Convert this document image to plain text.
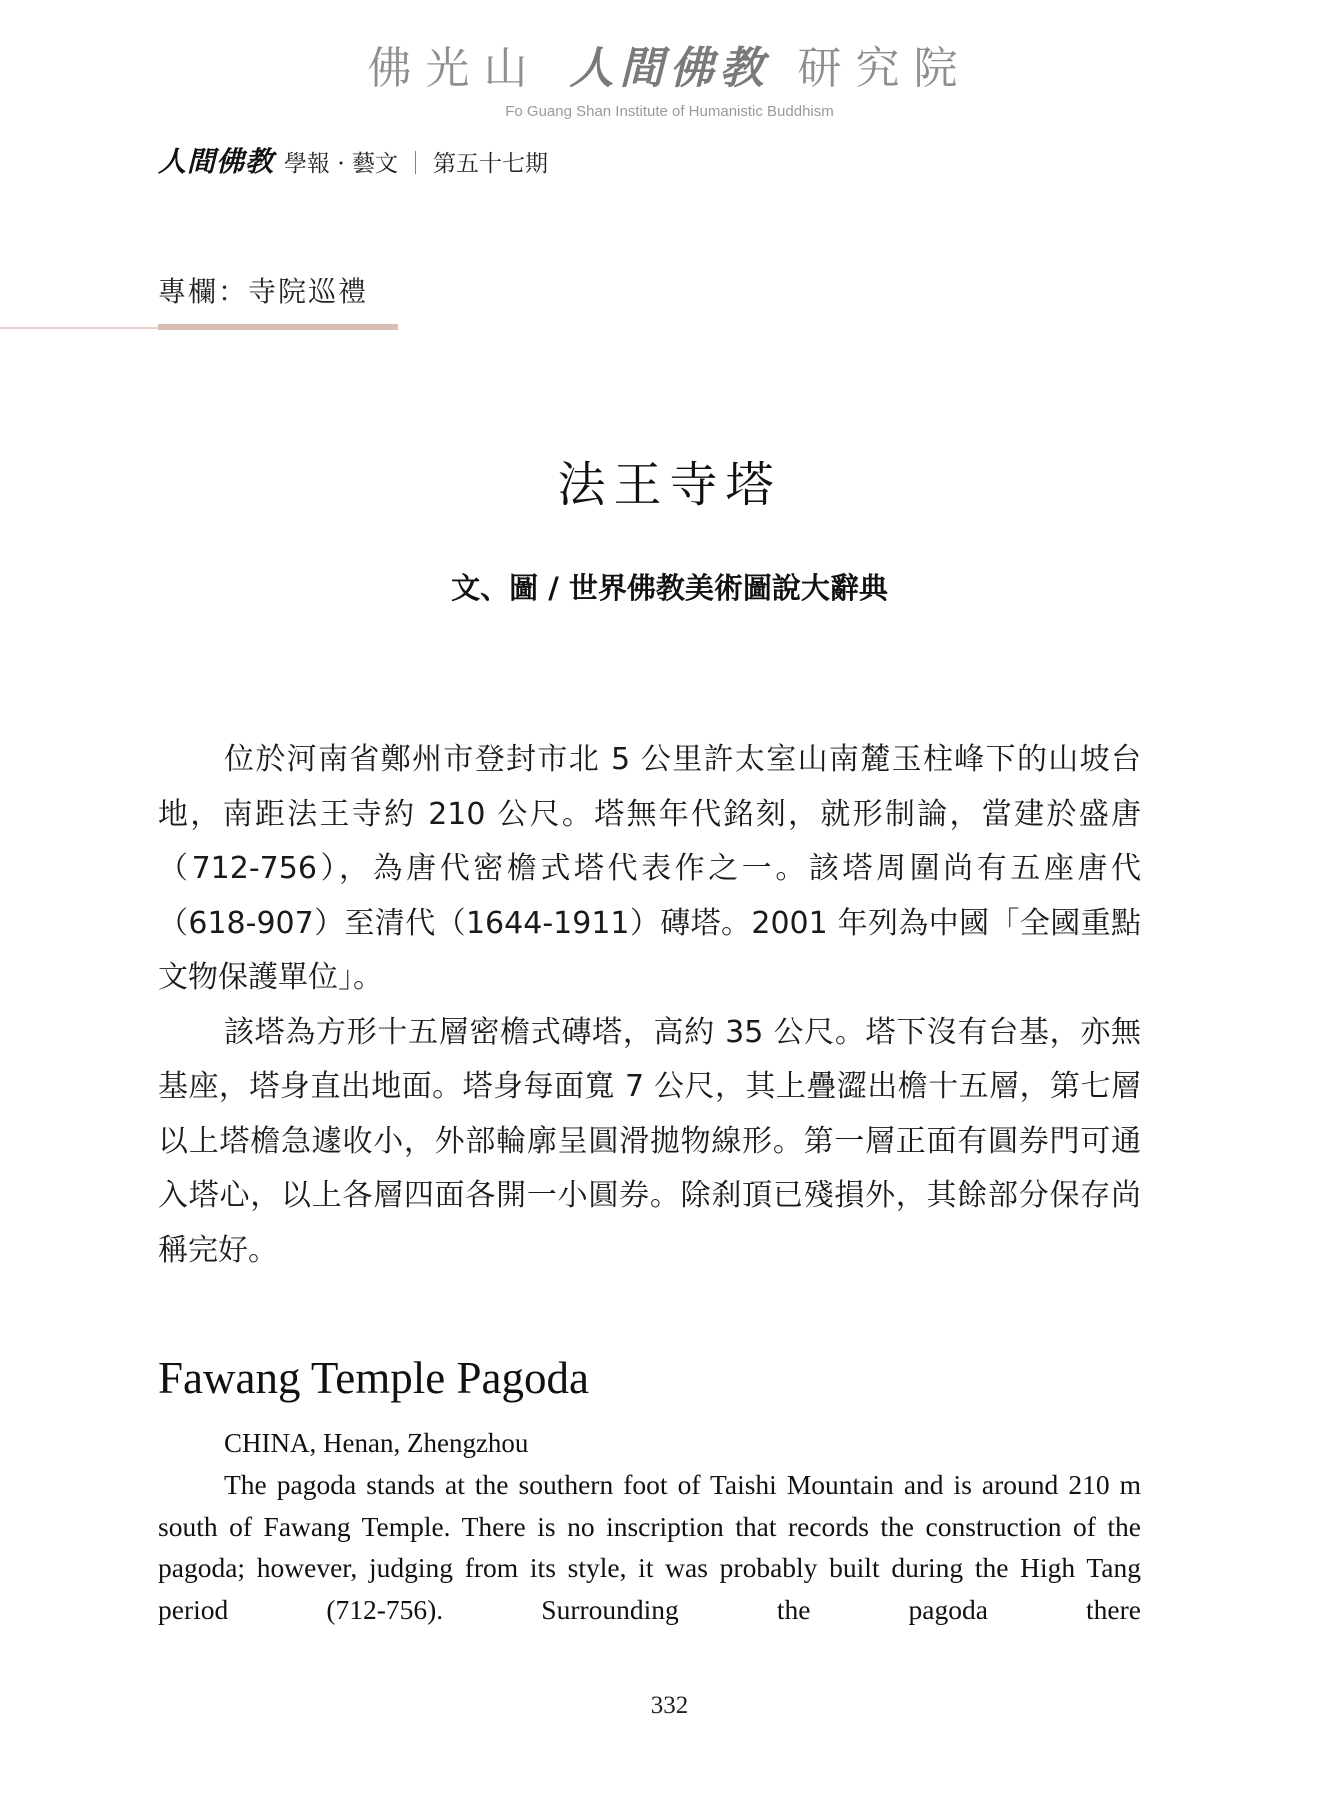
佛光山 人間佛教 研究院
Fo Guang Shan Institute of Humanistic Buddhism
人間佛教 學報 · 藝文 ｜ 第五十七期
專欄：寺院巡禮
法王寺塔
文、圖 / 世界佛教美術圖說大辭典

位於河南省鄭州市登封市北 5 公里許太室山南麓玉柱峰下的山坡台地，南距法王寺約 210 公尺。塔無年代銘刻，就形制論，當建於盛唐（712-756），為唐代密檐式塔代表作之一。該塔周圍尚有五座唐代（618-907）至清代（1644-1911）磚塔。2001 年列為中國「全國重點文物保護單位」。

該塔為方形十五層密檐式磚塔，高約 35 公尺。塔下沒有台基，亦無基座，塔身直出地面。塔身每面寬 7 公尺，其上疊澀出檐十五層，第七層以上塔檐急遽收小，外部輪廓呈圓滑拋物線形。第一層正面有圓券門可通入塔心，以上各層四面各開一小圓券。除刹頂已殘損外，其餘部分保存尚稱完好。

Fawang Temple Pagoda
CHINA, Henan, Zhengzhou

The pagoda stands at the southern foot of Taishi Mountain and is around 210 m south of Fawang Temple. There is no inscription that records the construction of the pagoda; however, judging from its style, it was probably built during the High Tang period (712-756). Surrounding the pagoda there

332
